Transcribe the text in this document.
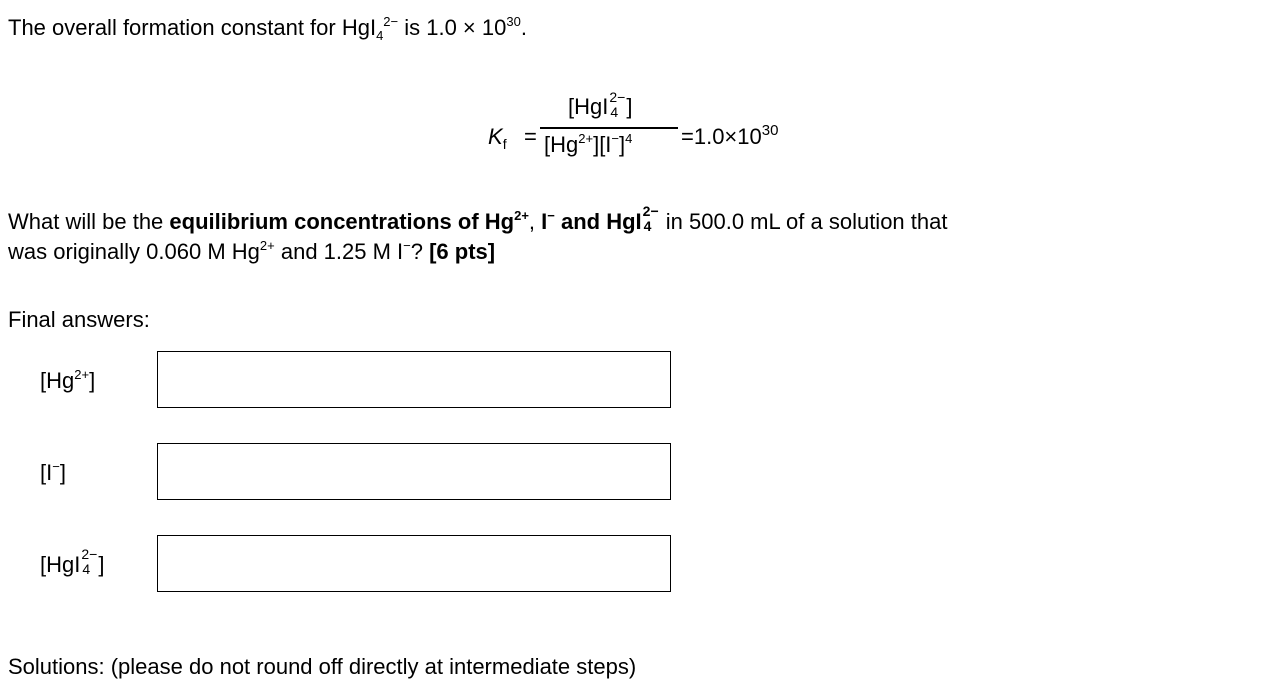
The overall formation constant for HgI$_4^{2-}$ is $1.0 \times 10^{30}$.
$K_f$ =
[HgI 2−
4 ]
$[Hg^{2+}][I^-]^4 =1.0\times 10^{30}$
What will be the equilibrium concentrations of $Hg^{2+}$, I− and HgI 2−
4 in 500.0 mL of a solution that
was originally 0.060 M $Hg^{2+}$ and 1.25 M I−? [6 pts]
Final answers:
$[Hg^{2+}]$
[I−]
[HgI 2−
4 ]
Solutions: (please do not round off directly at intermediate steps)
